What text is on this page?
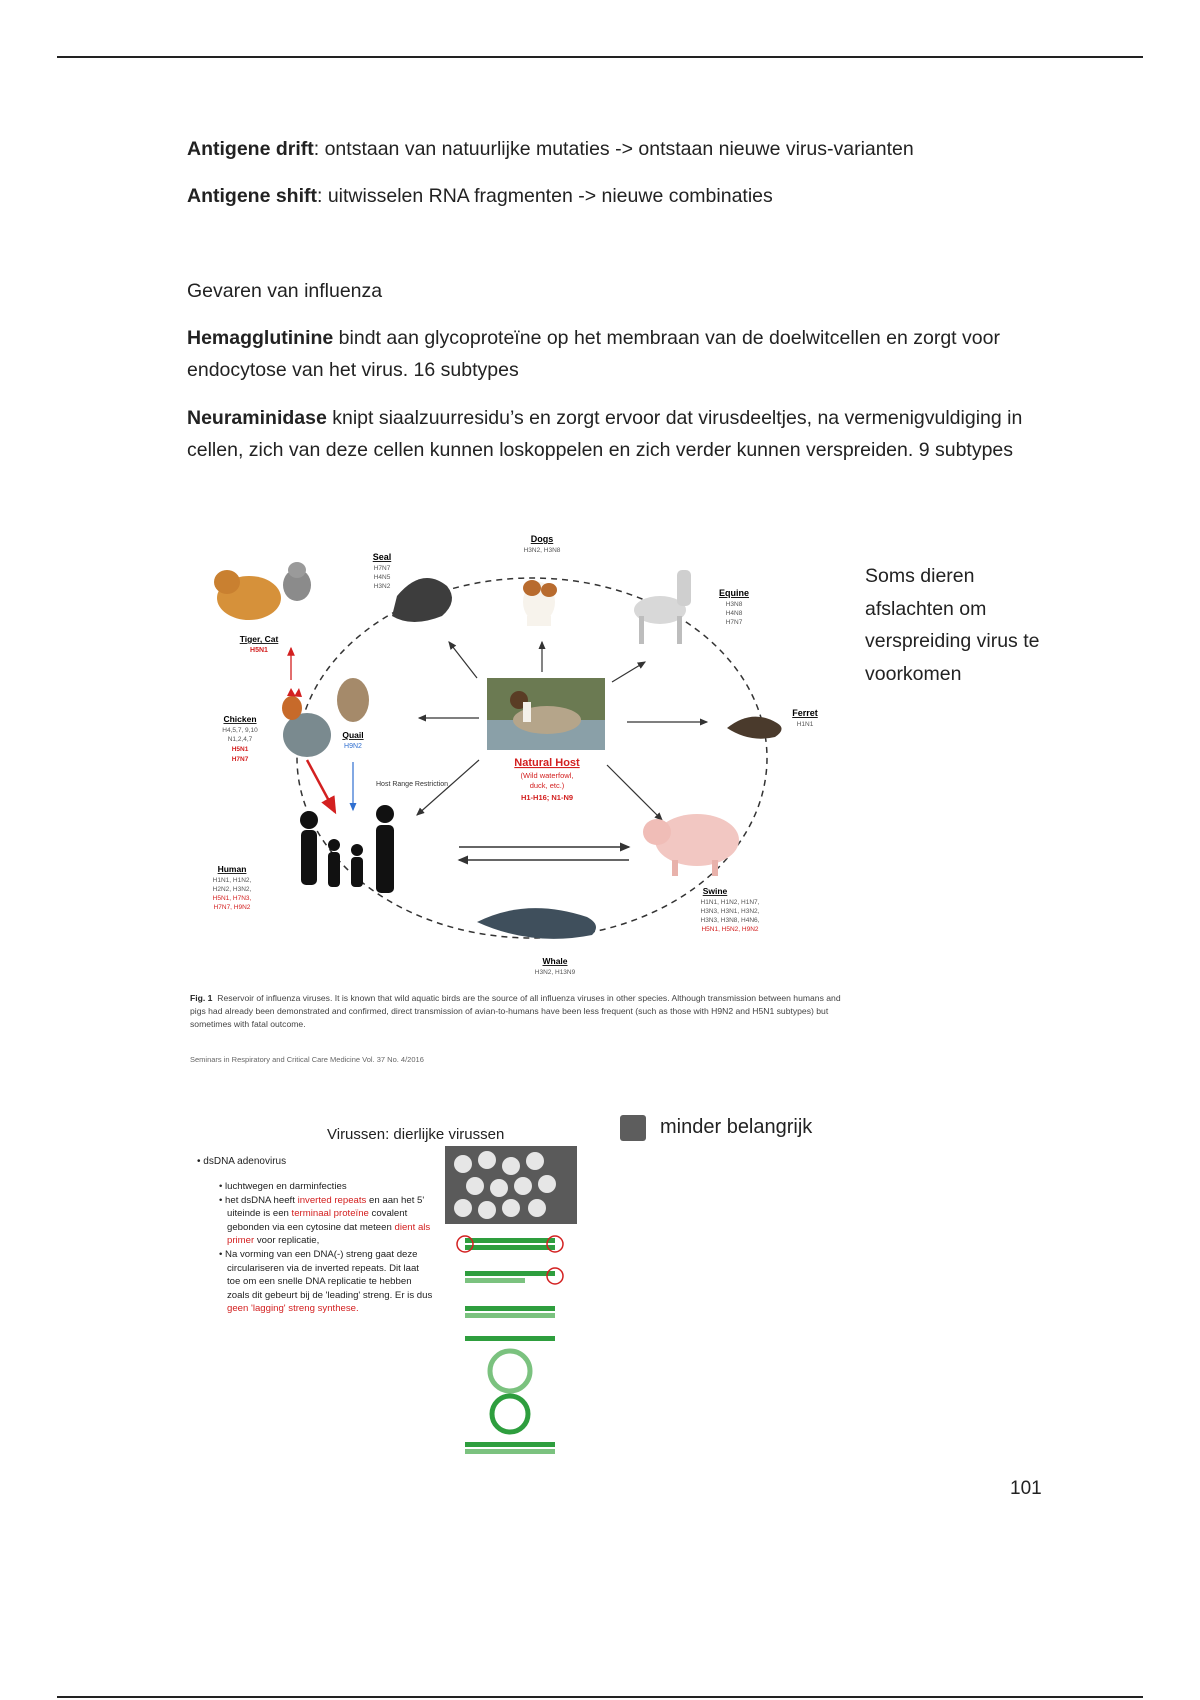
Antigene drift: ontstaan van natuurlijke mutaties -> ontstaan nieuwe virus-varianten

Antigene shift: uitwisselen RNA fragmenten -> nieuwe combinaties

Gevaren van influenza

Hemagglutinine bindt aan glycoproteïne op het membraan van de doelwitcellen en zorgt voor endocytose van het virus. 16 subtypes

Neuraminidase knipt siaalzuurresidu’s en zorgt ervoor dat virusdeeltjes, na vermenigvuldiging in cellen, zich van deze cellen kunnen loskoppelen en zich verder kunnen verspreiden. 9 subtypes

Natural Host
(Wild waterfowl,
duck, etc.)
H1-H16; N1-N9
Host Range Restriction
Dogs
H3N2, H3N8
Seal
H7N7
H4N5
H3N2
Tiger, Cat
H5N1
Equine
H3N8
H4N8
H7N7
Ferret
H1N1
Chicken
H4,5,7, 9,10
N1,2,4,7
H5N1
H7N7
Quail
H9N2
Human
H1N1, H1N2,
H2N2, H3N2,
H5N1, H7N3,
H7N7, H9N2
Swine
H1N1, H1N2, H1N7,
H3N3, H3N1, H3N2,
H3N3, H3N8, H4N6,
H5N1, H5N2, H9N2
Whale
H3N2, H13N9
Fig. 1 Reservoir of influenza viruses. It is known that wild aquatic birds are the source of all influenza viruses in other species. Although transmission between humans and pigs had already been demonstrated and confirmed, direct transmission of avian-to-humans have been less frequent (such as those with H9N2 and H5N1 subtypes) but sometimes with fatal outcome.
Seminars in Respiratory and Critical Care Medicine Vol. 37 No. 4/2016
Soms dieren afslachten om verspreiding virus te voorkomen
Virussen: dierlijke virussen
• dsDNA adenovirus
• luchtwegen en darminfecties
• het dsDNA heeft inverted repeats en aan het 5' uiteinde is een terminaal proteïne covalent gebonden via een cytosine dat meteen dient als primer voor replicatie,
• Na vorming van een DNA(-) streng gaat deze circulariseren via de inverted repeats. Dit laat toe om een snelle DNA replicatie te hebben zoals dit gebeurt bij de 'leading' streng. Er is dus geen 'lagging' streng synthese.
minder belangrijk
101
